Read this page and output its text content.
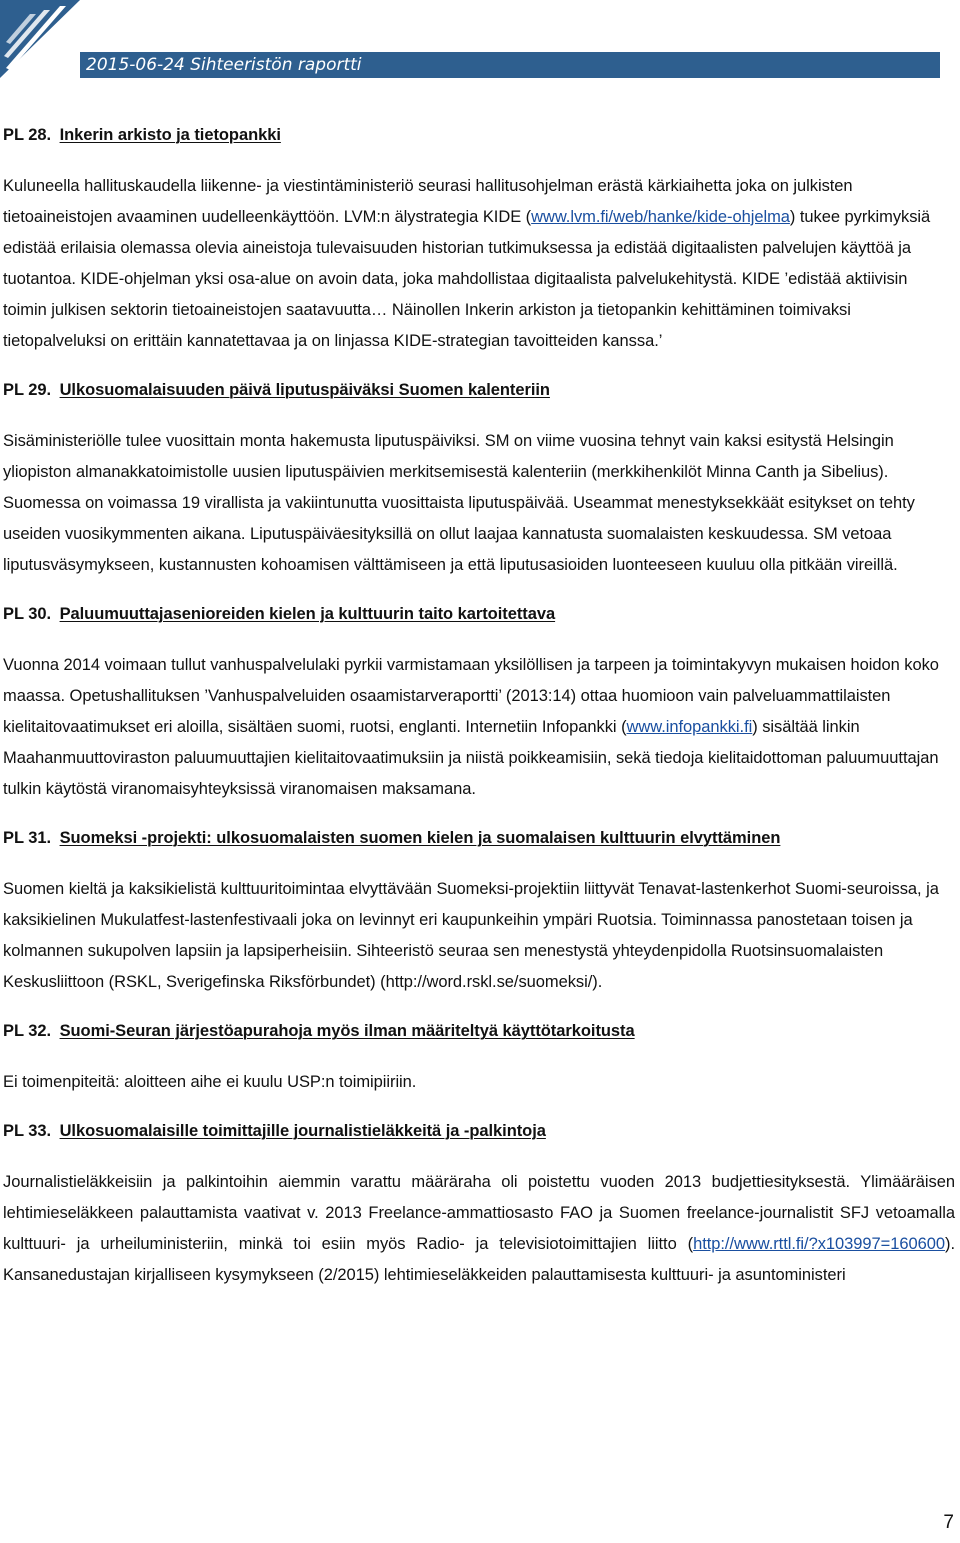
2015-06-24 Sihteeristön raportti
PL 28. Inkerin arkisto ja tietopankki

Kuluneella hallituskaudella liikenne- ja viestintäministeriö seurasi hallitusohjelman erästä kärkiaihetta joka on julkisten tietoaineistojen avaaminen uudelleenkäyttöön. LVM:n älystrategia KIDE (www.lvm.fi/web/hanke/kide-ohjelma) tukee pyrkimyksiä edistää erilaisia olemassa olevia aineistoja tulevaisuuden historian tutkimuksessa ja edistää digitaalisten palvelujen käyttöä ja tuotantoa. KIDE-ohjelman yksi osa-alue on avoin data, joka mahdollistaa digitaalista palvelukehitystä. KIDE ’edistää aktiivisin toimin julkisen sektorin tietoaineistojen saatavuutta… Näinollen Inkerin arkiston ja tietopankin kehittäminen toimivaksi tietopalveluksi on erittäin kannatettavaa ja on linjassa KIDE-strategian tavoitteiden kanssa.’

PL 29. Ulkosuomalaisuuden päivä liputuspäiväksi Suomen kalenteriin

Sisäministeriölle tulee vuosittain monta hakemusta liputuspäiviksi. SM on viime vuosina tehnyt vain kaksi esitystä Helsingin yliopiston almanakkatoimistolle uusien liputuspäivien merkitsemisestä kalenteriin (merkkihenkilöt Minna Canth ja Sibelius). Suomessa on voimassa 19 virallista ja vakiintunutta vuosittaista liputuspäivää. Useammat menestyksekkäät esitykset on tehty useiden vuosikymmenten aikana. Liputuspäiväesityksillä on ollut laajaa kannatusta suomalaisten keskuudessa. SM vetoaa liputusväsymykseen, kustannusten kohoamisen välttämiseen ja että liputusasioiden luonteeseen kuuluu olla pitkään vireillä.

PL 30. Paluumuuttajasenioreiden kielen ja kulttuurin taito kartoitettava

Vuonna 2014 voimaan tullut vanhuspalvelulaki pyrkii varmistamaan yksilöllisen ja tarpeen ja toimintakyvyn mukaisen hoidon koko maassa. Opetushallituksen ’Vanhuspalveluiden osaamistarveraportti’ (2013:14) ottaa huomioon vain palveluammattilaisten kielitaitovaatimukset eri aloilla, sisältäen suomi, ruotsi, englanti. Internetiin Infopankki (www.infopankki.fi) sisältää linkin Maahanmuuttoviraston paluumuuttajien kielitaitovaatimuksiin ja niistä poikkeamisiin, sekä tiedoja kielitaidottoman paluumuuttajan tulkin käytöstä viranomaisyhteyksissä viranomaisen maksamana.

PL 31. Suomeksi -projekti: ulkosuomalaisten suomen kielen ja suomalaisen kulttuurin elvyttäminen

Suomen kieltä ja kaksikielistä kulttuuritoimintaa elvyttävään Suomeksi-projektiin liittyvät Tenavat-lastenkerhot Suomi-seuroissa, ja kaksikielinen Mukulatfest-lastenfestivaali joka on levinnyt eri kaupunkeihin ympäri Ruotsia. Toiminnassa panostetaan toisen ja kolmannen sukupolven lapsiin ja lapsiperheisiin. Sihteeristö seuraa sen menestystä yhteydenpidolla Ruotsinsuomalaisten Keskusliittoon (RSKL, Sverigefinska Riksförbundet) (http://word.rskl.se/suomeksi/).

PL 32. Suomi-Seuran järjestöapurahoja myös ilman määriteltyä käyttötarkoitusta

Ei toimenpiteitä: aloitteen aihe ei kuulu USP:n toimipiiriin.

PL 33. Ulkosuomalaisille toimittajille journalistieläkkeitä ja -palkintoja

Journalistieläkkeisiin ja palkintoihin aiemmin varattu määräraha oli poistettu vuoden 2013 budjettiesityksestä. Ylimääräisen lehtimieseläkkeen palauttamista vaativat v. 2013 Freelance-ammattiosasto FAO ja Suomen freelance-journalistit SFJ vetoamalla kulttuuri- ja urheiluministeriin, minkä toi esiin myös Radio- ja televisiotoimittajien liitto (http://www.rttl.fi/?x103997=160600). Kansanedustajan kirjalliseen kysymykseen (2/2015) lehtimieseläkkeiden palauttamisesta kulttuuri- ja asuntoministeri

7
